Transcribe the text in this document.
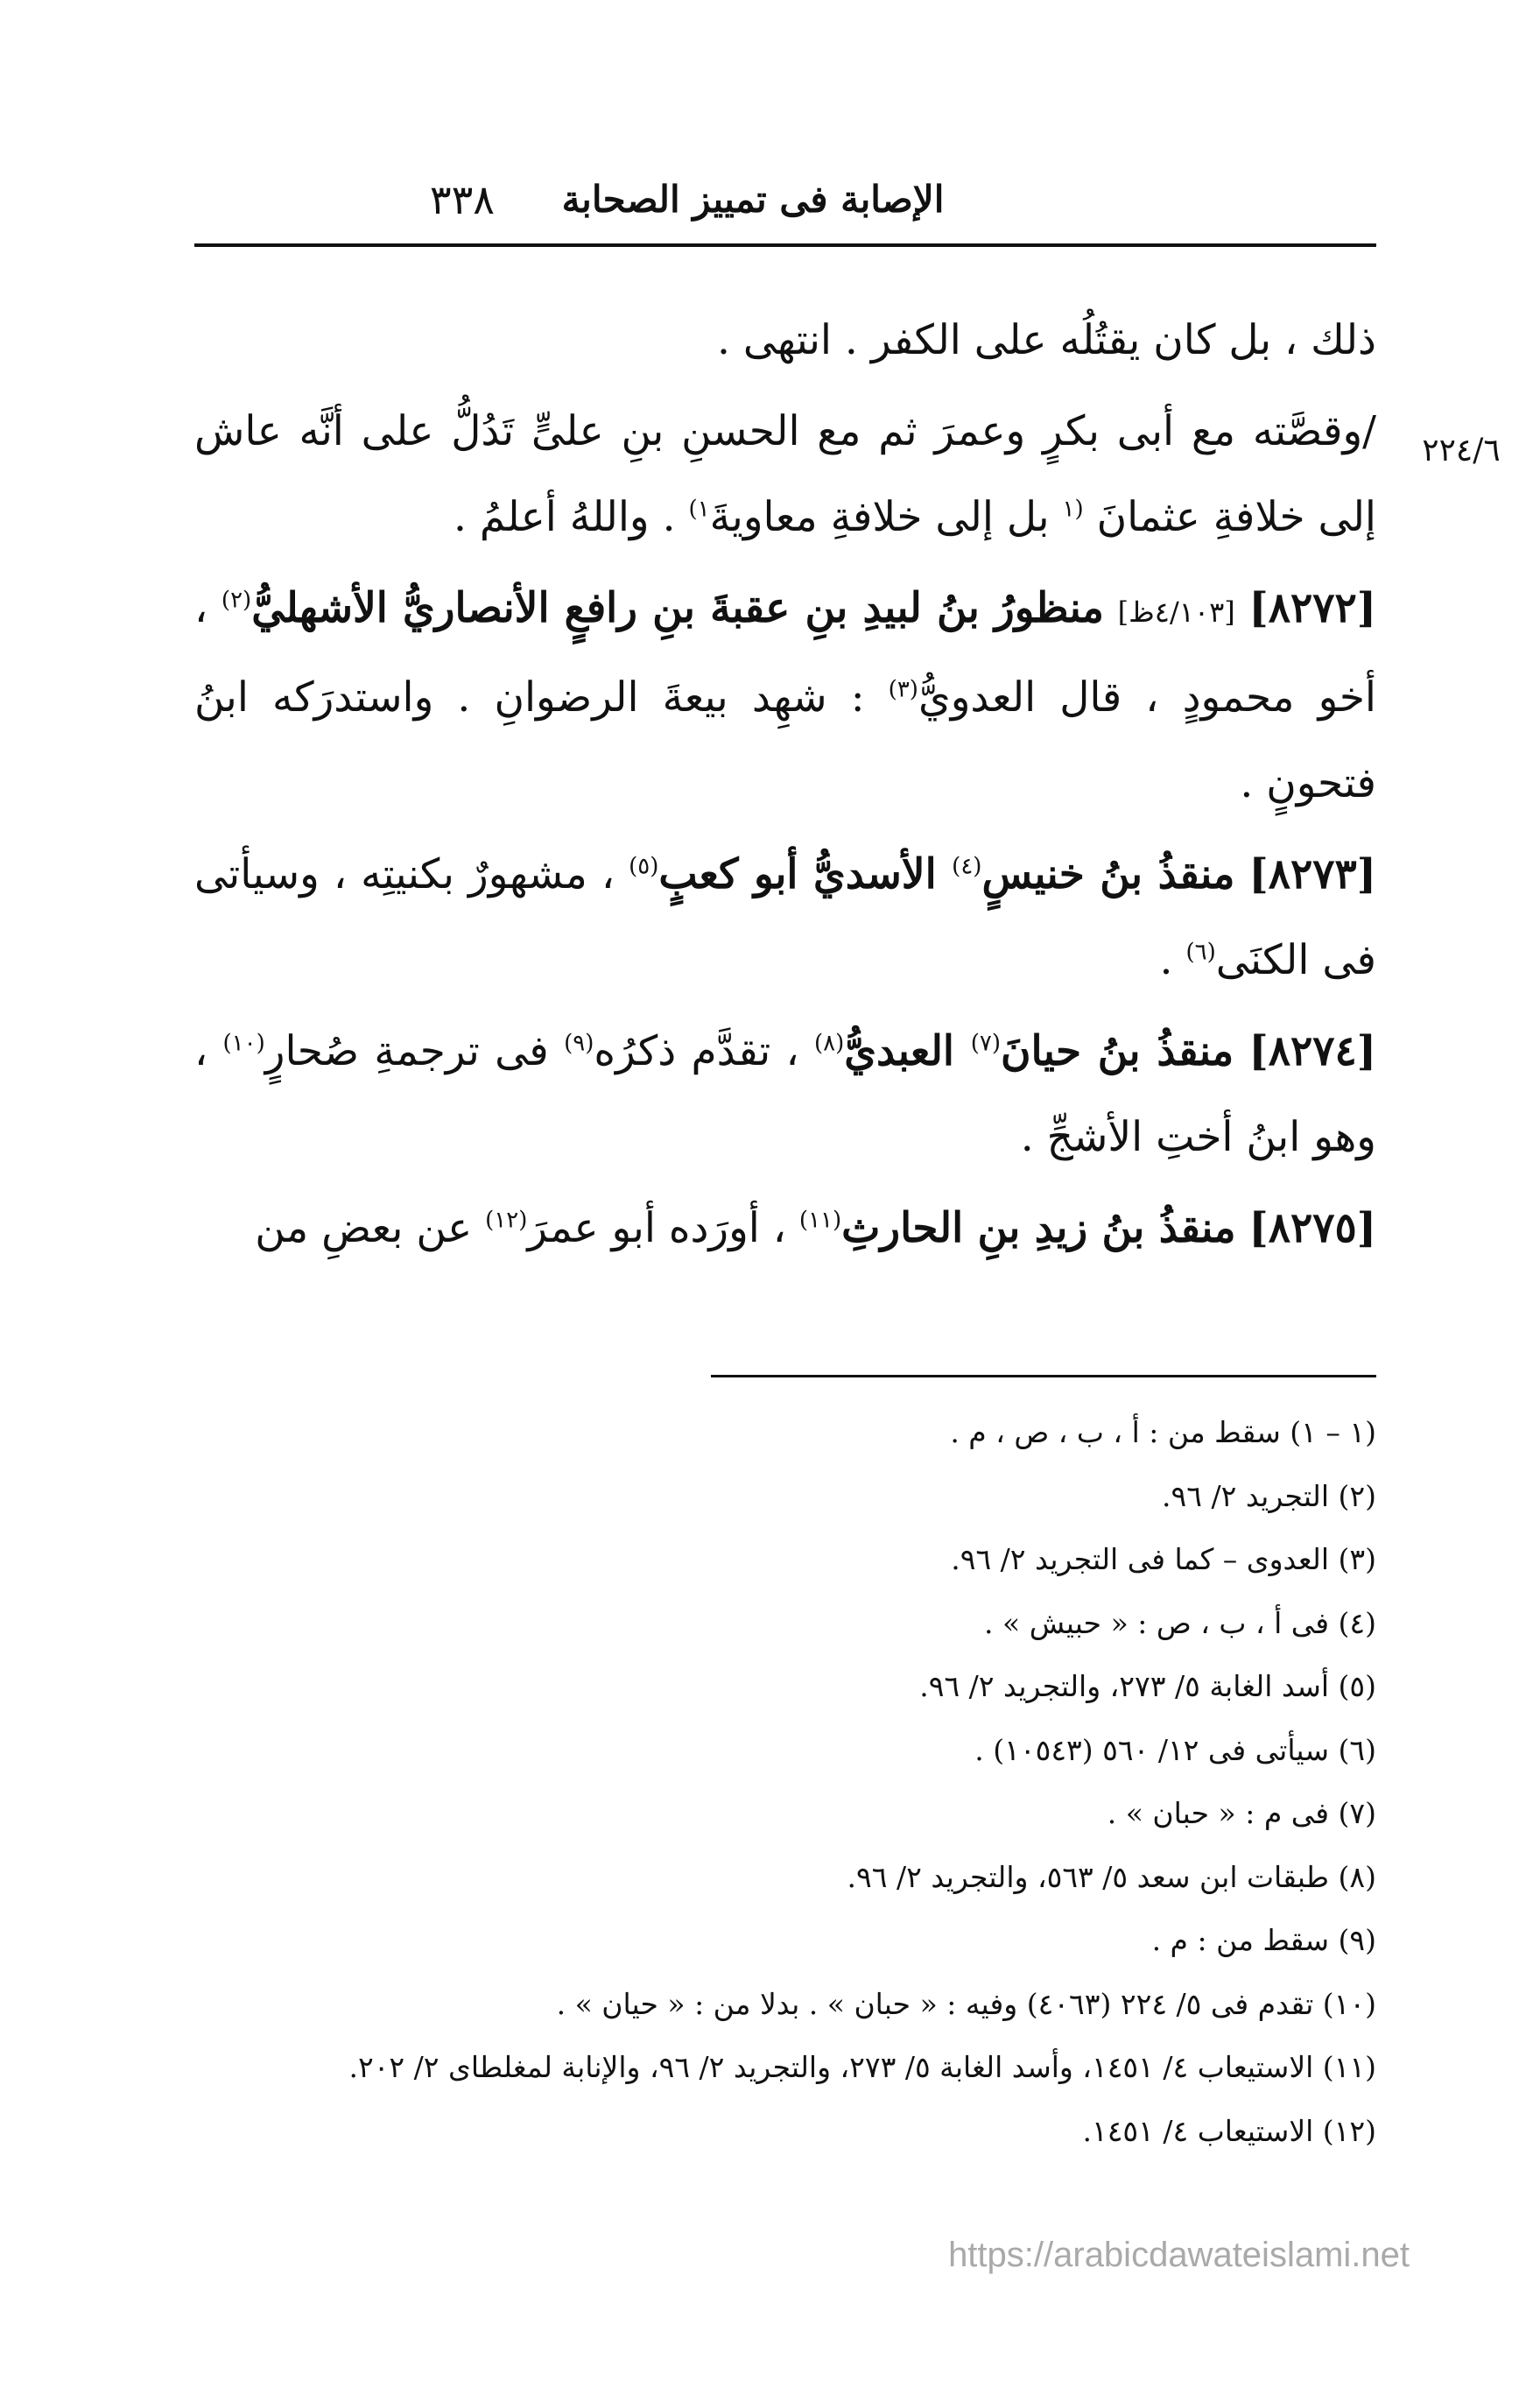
٣٣٨	الإصابة فى تمييز الصحابة
٢٢٤/٦

ذلك ، بل كان يقتُلُه على الكفر . انتهى .

/وقصَّته مع أبى بكرٍ وعمرَ ثم مع الحسنِ بنِ علىٍّ تَدُلُّ على أنَّه عاش إلى خلافةِ عثمانَ $^{(١}$ بل إلى خلافةِ معاويةَ$^{١)}$ . واللهُ أعلمُ .

[٨٢٧٢] [٤/١٠٣ظ] منظورُ بنُ لبيدِ بنِ عقبةَ بنِ رافعٍ الأنصاريُّ الأشهليُّ$^{(٢)}$ ، أخو محمودٍ ، قال العدويُّ$^{(٣)}$ : شهِد بيعةَ الرضوانِ . واستدرَكه ابنُ فتحونٍ .

[٨٢٧٣] منقذُ بنُ خنيسٍ$^{(٤)}$ الأسديُّ أبو كعبٍ$^{(٥)}$ ، مشهورٌ بكنيتِه ، وسيأتى فى الكنَى$^{(٦)}$ .

[٨٢٧٤] منقذُ بنُ حيانَ$^{(٧)}$ العبديُّ$^{(٨)}$ ، تقدَّم ذكرُه$^{(٩)}$ فى ترجمةِ صُحارٍ$^{(١٠)}$ ، وهو ابنُ أختِ الأشجِّ .

[٨٢٧٥] منقذُ بنُ زيدِ بنِ الحارثِ$^{(١١)}$ ، أورَده أبو عمرَ$^{(١٢)}$ عن بعضِ من

(١ – ١) سقط من : أ ، ب ، ص ، م .
(٢) التجريد ٢/ ٩٦.
(٣) العدوى – كما فى التجريد ٢/ ٩٦.
(٤) فى أ ، ب ، ص : « حبيش » .
(٥) أسد الغابة ٥/ ٢٧٣، والتجريد ٢/ ٩٦.
(٦) سيأتى فى ١٢/ ٥٦٠ (١٠٥٤٣) .
(٧) فى م : « حبان » .
(٨) طبقات ابن سعد ٥/ ٥٦٣، والتجريد ٢/ ٩٦.
(٩) سقط من : م .
(١٠) تقدم فى ٥/ ٢٢٤ (٤٠٦٣) وفيه : « حبان » . بدلا من : « حيان » .
(١١) الاستيعاب ٤/ ١٤٥١، وأسد الغابة ٥/ ٢٧٣، والتجريد ٢/ ٩٦، والإنابة لمغلطاى ٢/ ٢٠٢.
(١٢) الاستيعاب ٤/ ١٤٥١.
https://arabicdawateislami.net
